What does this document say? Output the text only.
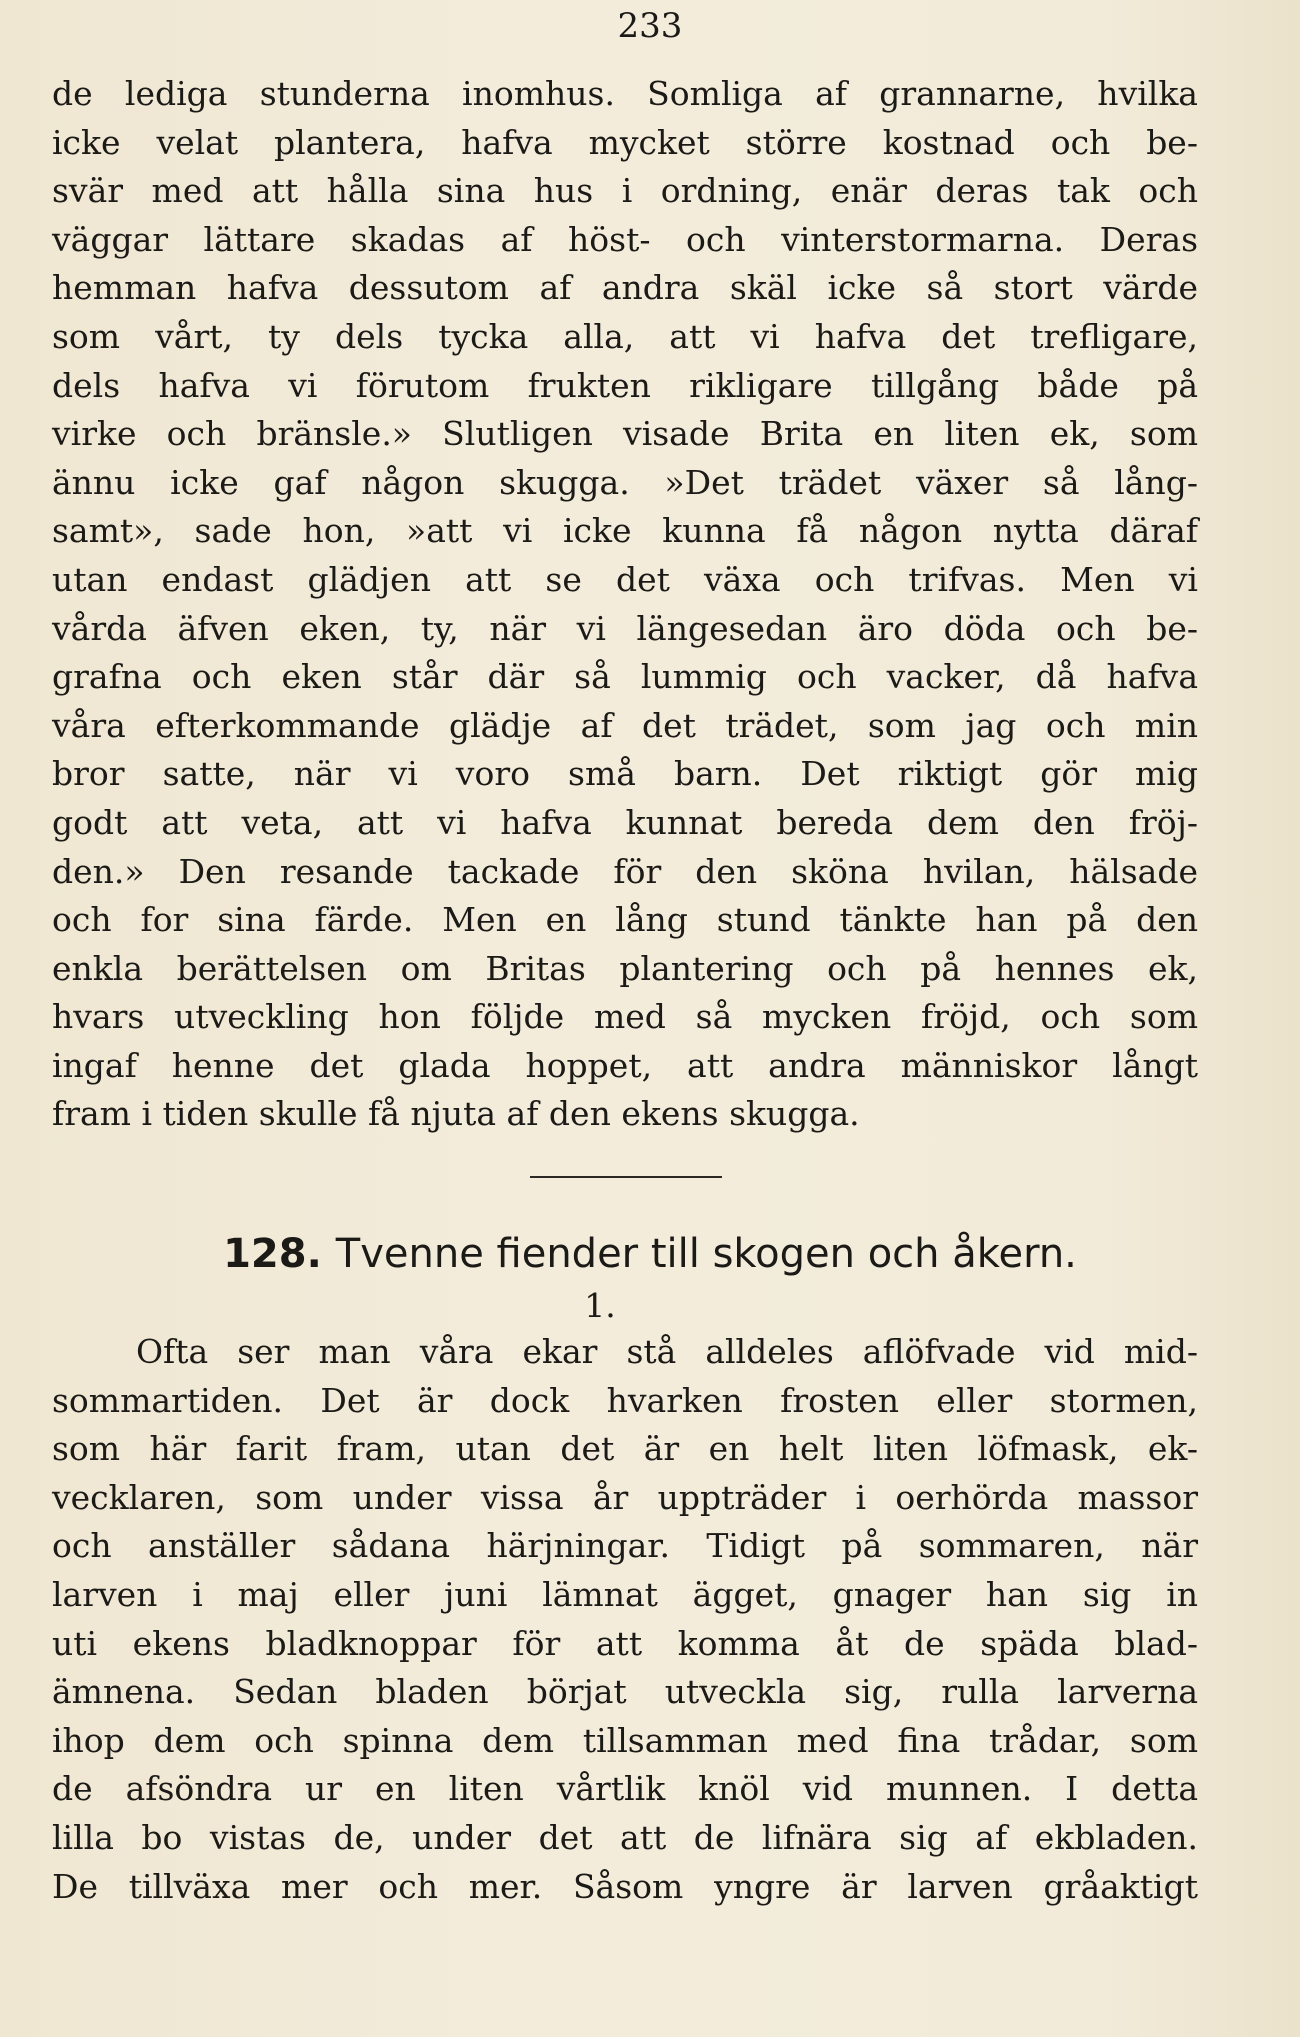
233
de lediga stunderna inomhus. Somliga af grannarne, hvilka
icke velat plantera, hafva mycket större kostnad och be-
svär med att hålla sina hus i ordning, enär deras tak och
väggar lättare skadas af höst- och vinterstormarna. Deras
hemman hafva dessutom af andra skäl icke så stort värde
som vårt, ty dels tycka alla, att vi hafva det trefligare,
dels hafva vi förutom frukten rikligare tillgång både på
virke och bränsle.» Slutligen visade Brita en liten ek, som
ännu icke gaf någon skugga. »Det trädet växer så lång-
samt», sade hon, »att vi icke kunna få någon nytta däraf
utan endast glädjen att se det växa och trifvas. Men vi
vårda äfven eken, ty, när vi längesedan äro döda och be-
grafna och eken står där så lummig och vacker, då hafva
våra efterkommande glädje af det trädet, som jag och min
bror satte, när vi voro små barn. Det riktigt gör mig
godt att veta, att vi hafva kunnat bereda dem den fröj-
den.» Den resande tackade för den sköna hvilan, hälsade
och for sina färde. Men en lång stund tänkte han på den
enkla berättelsen om Britas plantering och på hennes ek,
hvars utveckling hon följde med så mycken fröjd, och som
ingaf henne det glada hoppet, att andra människor långt
fram i tiden skulle få njuta af den ekens skugga.
128. Tvenne fiender till skogen och åkern.
1.
Ofta ser man våra ekar stå alldeles aflöfvade vid mid-
sommartiden. Det är dock hvarken frosten eller stormen,
som här farit fram, utan det är en helt liten löfmask, ek-
vecklaren, som under vissa år uppträder i oerhörda massor
och anställer sådana härjningar. Tidigt på sommaren, när
larven i maj eller juni lämnat ägget, gnager han sig in
uti ekens bladknoppar för att komma åt de späda blad-
ämnena. Sedan bladen börjat utveckla sig, rulla larverna
ihop dem och spinna dem tillsamman med fina trådar, som
de afsöndra ur en liten vårtlik knöl vid munnen. I detta
lilla bo vistas de, under det att de lifnära sig af ekbladen.
De tillväxa mer och mer. Såsom yngre är larven gråaktigt
